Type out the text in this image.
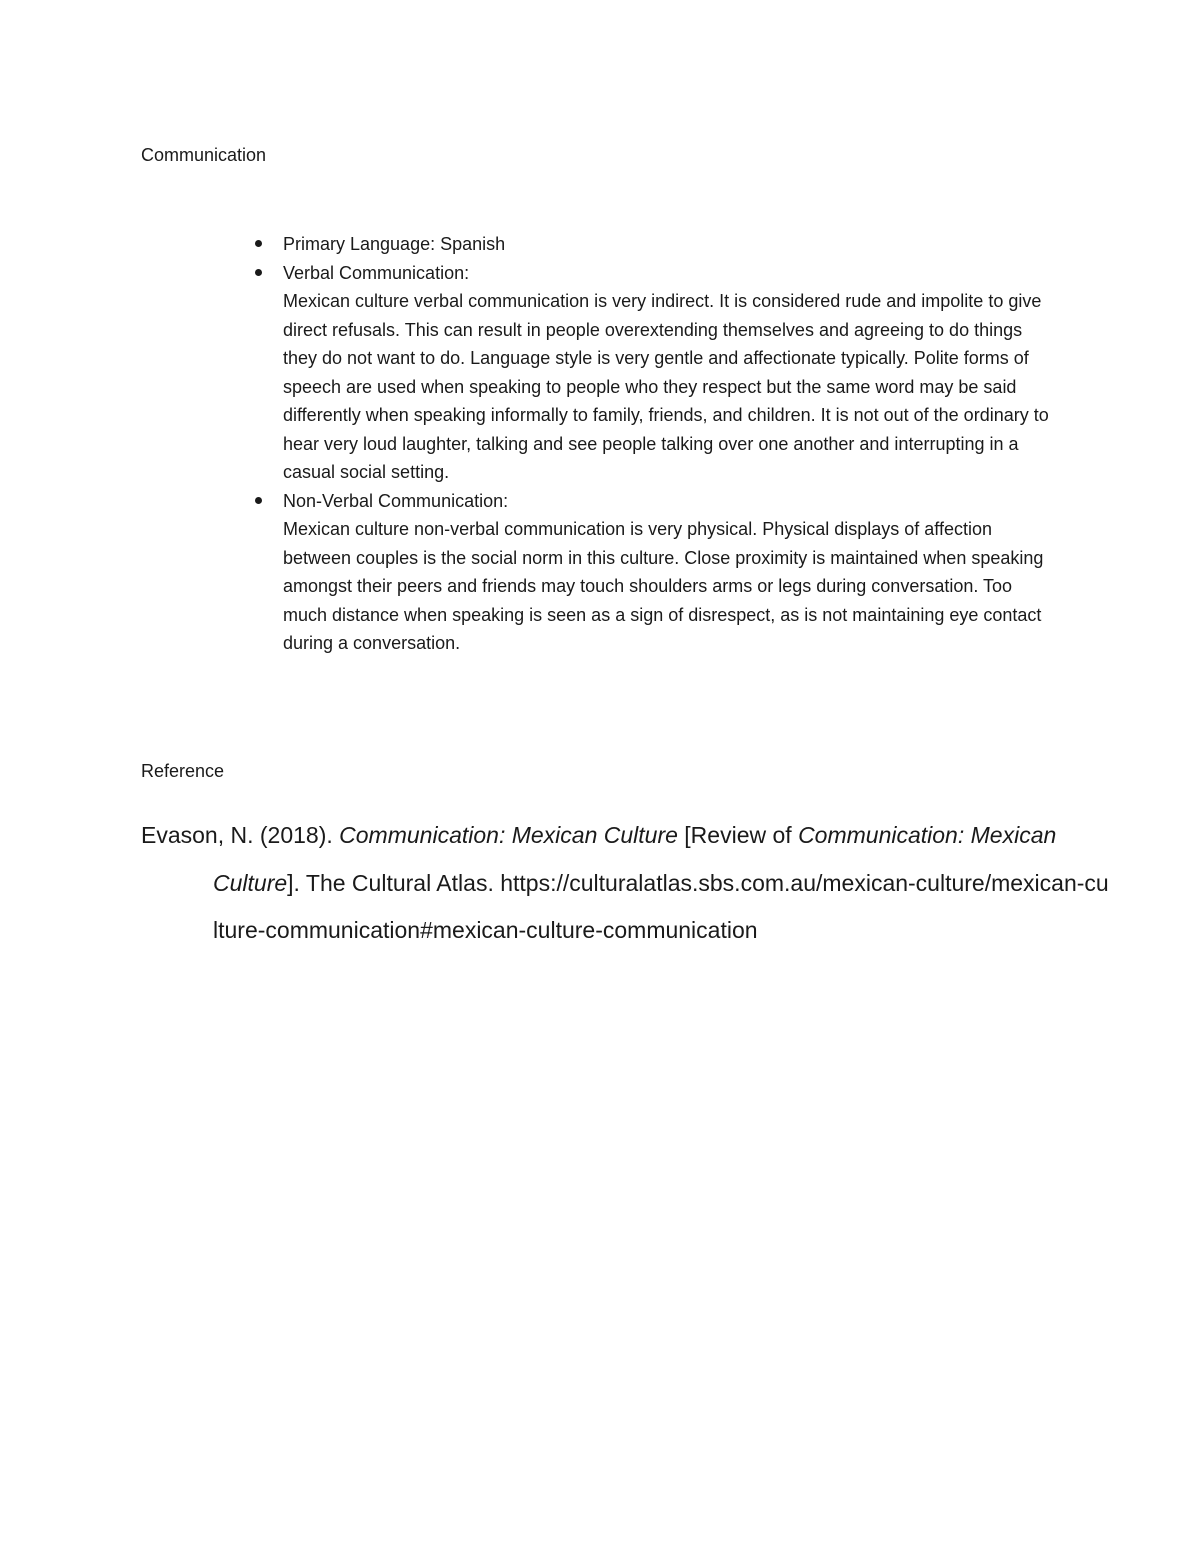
Communication
Primary Language: Spanish
Verbal Communication:
Mexican culture verbal communication is very indirect. It is considered rude and impolite to give direct refusals. This can result in people overextending themselves and agreeing to do things they do not want to do. Language style is very gentle and affectionate typically. Polite forms of speech are used when speaking to people who they respect but the same word may be said differently when speaking informally to family, friends, and children. It is not out of the ordinary to hear very loud laughter, talking and see people talking over one another and interrupting in a casual social setting.
Non-Verbal Communication:
Mexican culture non-verbal communication is very physical. Physical displays of affection between couples is the social norm in this culture. Close proximity is maintained when speaking amongst their peers and friends may touch shoulders arms or legs during conversation. Too much distance when speaking is seen as a sign of disrespect, as is not maintaining eye contact during a conversation.
Reference

Evason, N. (2018). Communication: Mexican Culture [Review of Communication: Mexican Culture]. The Cultural Atlas. https://culturalatlas.sbs.com.au/mexican-culture/mexican-culture-communication#mexican-culture-communication
